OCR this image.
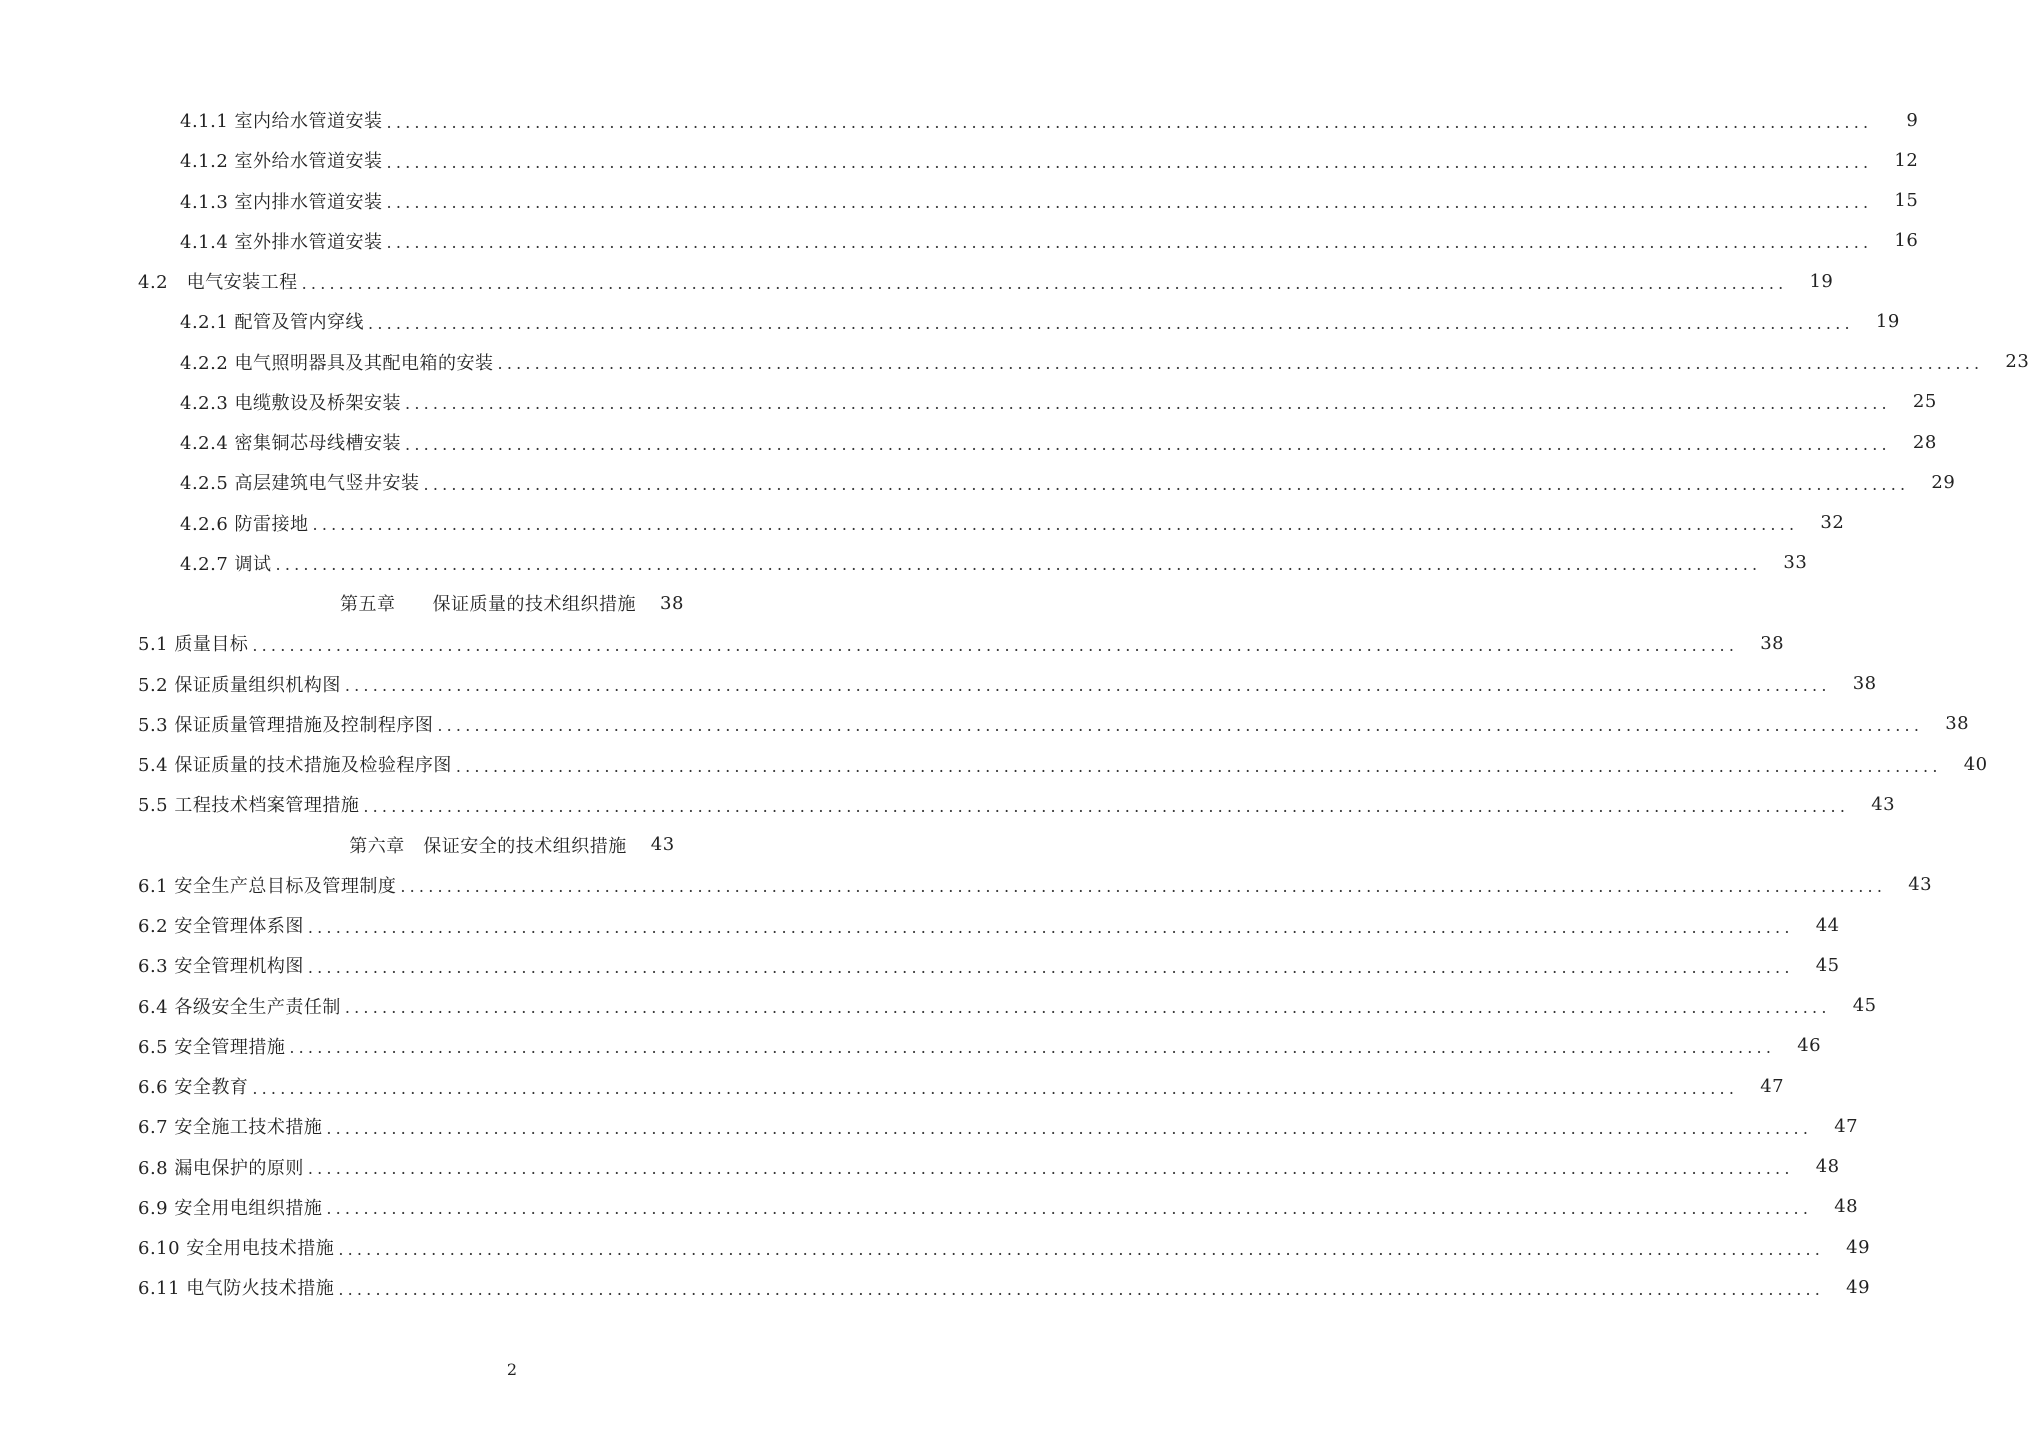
4.1.1 室内给水管道安装 ................................................................................................................................................................	9
4.1.2 室外给水管道安装 ................................................................................................................................................................	12
4.1.3 室内排水管道安装 ................................................................................................................................................................	15
4.1.4 室外排水管道安装 ................................................................................................................................................................	16
4.2　电气安装工程 ................................................................................................................................................................	19
4.2.1 配管及管内穿线 ................................................................................................................................................................	19
4.2.2 电气照明器具及其配电箱的安装 ................................................................................................................................................................	23
4.2.3 电缆敷设及桥架安装 ................................................................................................................................................................	25
4.2.4 密集铜芯母线槽安装 ................................................................................................................................................................	28
4.2.5 高层建筑电气竖井安装 ................................................................................................................................................................	29
4.2.6 防雷接地 ................................................................................................................................................................	32
4.2.7 调试 ................................................................................................................................................................	33
第五章　　保证质量的技术组织措施 38
5.1 质量目标 ................................................................................................................................................................	38
5.2 保证质量组织机构图 ................................................................................................................................................................	38
5.3 保证质量管理措施及控制程序图 ................................................................................................................................................................	38
5.4 保证质量的技术措施及检验程序图 ................................................................................................................................................................	40
5.5 工程技术档案管理措施 ................................................................................................................................................................	43
第六章　保证安全的技术组织措施 43
6.1 安全生产总目标及管理制度 ................................................................................................................................................................	43
6.2 安全管理体系图 ................................................................................................................................................................	44
6.3 安全管理机构图 ................................................................................................................................................................	45
6.4 各级安全生产责任制 ................................................................................................................................................................	45
6.5 安全管理措施 ................................................................................................................................................................	46
6.6 安全教育 ................................................................................................................................................................	47
6.7 安全施工技术措施 ................................................................................................................................................................	47
6.8 漏电保护的原则 ................................................................................................................................................................	48
6.9 安全用电组织措施 ................................................................................................................................................................	48
6.10 安全用电技术措施 ................................................................................................................................................................	49
6.11 电气防火技术措施 ................................................................................................................................................................	49
2
